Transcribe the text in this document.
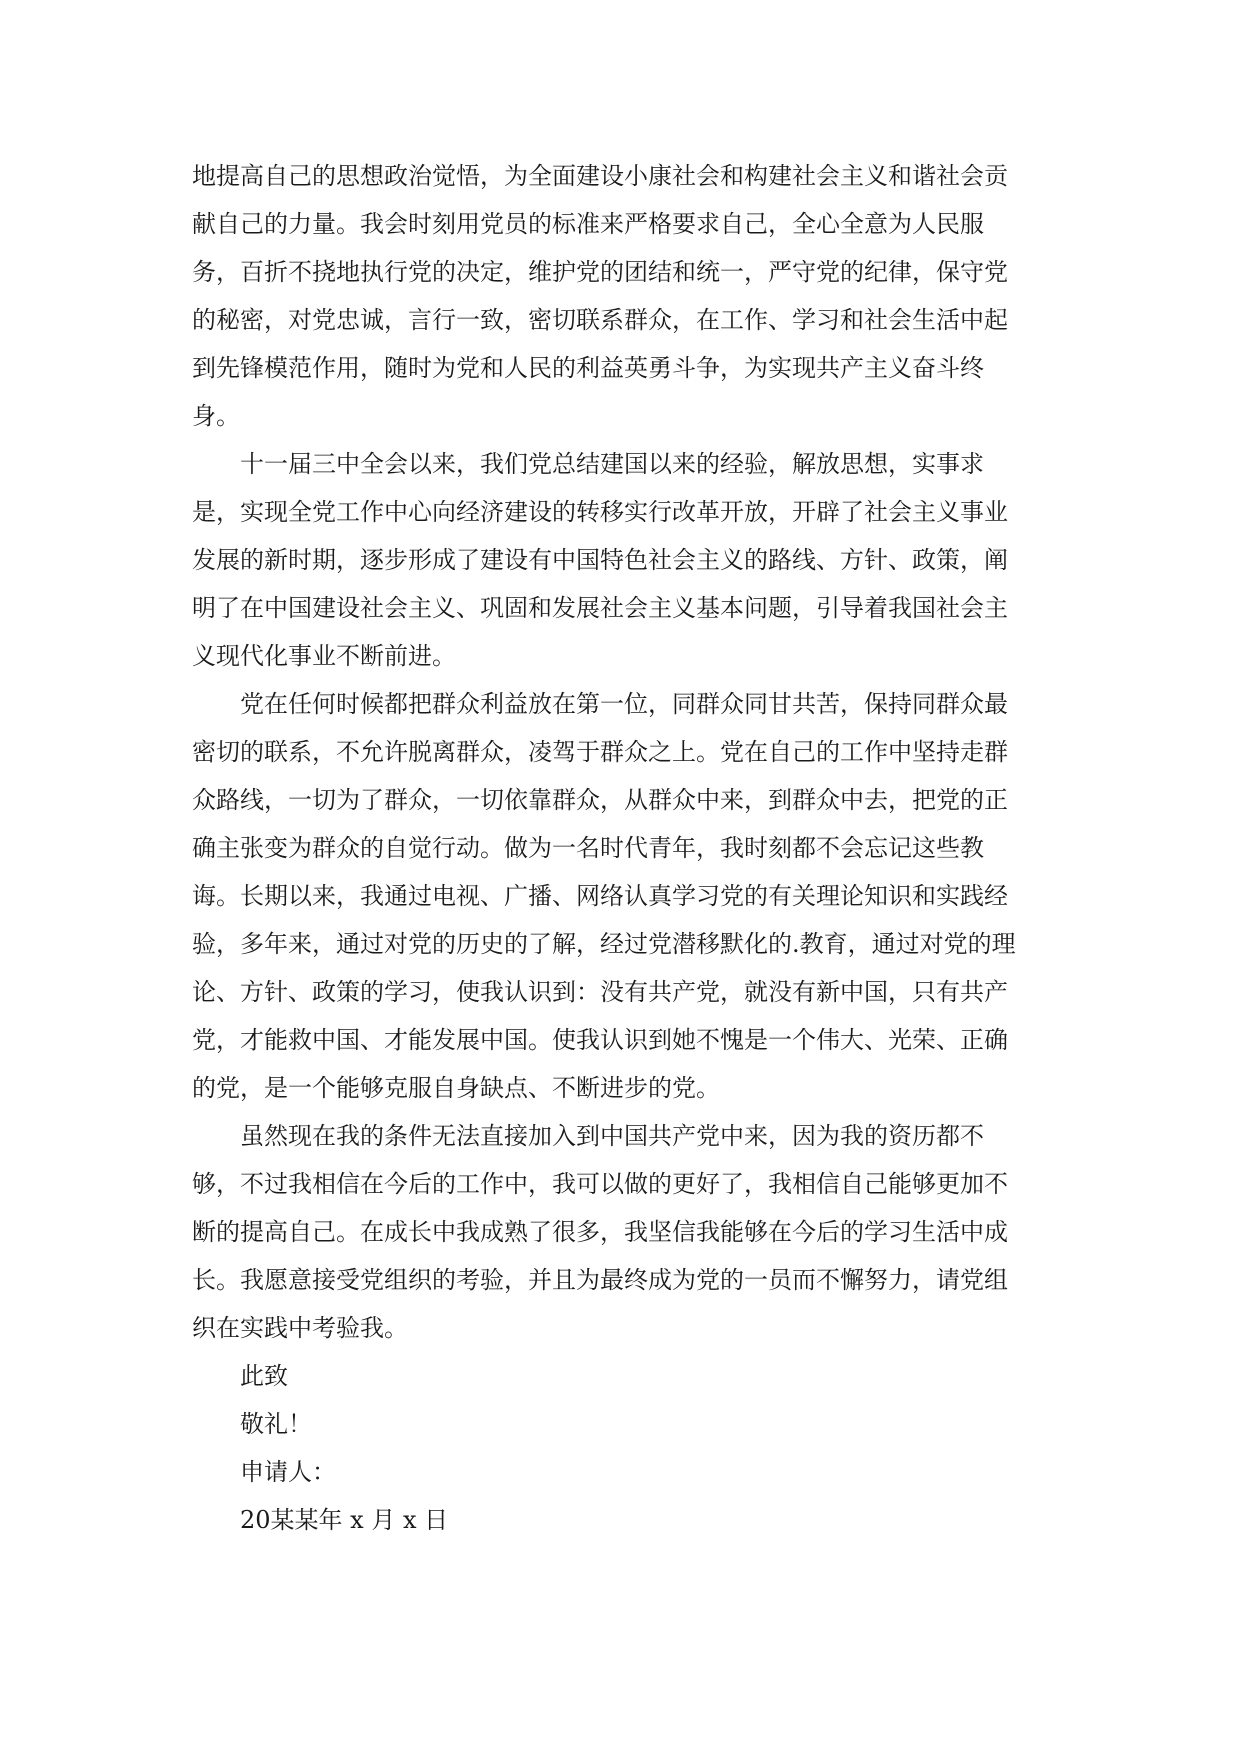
地提高自己的思想政治觉悟，为全面建设小康社会和构建社会主义和谐社会贡
献自己的力量。我会时刻用党员的标准来严格要求自己，全心全意为人民服
务，百折不挠地执行党的决定，维护党的团结和统一，严守党的纪律，保守党
的秘密，对党忠诚，言行一致，密切联系群众，在工作、学习和社会生活中起
到先锋模范作用，随时为党和人民的利益英勇斗争，为实现共产主义奋斗终
身。
十一届三中全会以来，我们党总结建国以来的经验，解放思想，实事求
是，实现全党工作中心向经济建设的转移实行改革开放，开辟了社会主义事业
发展的新时期，逐步形成了建设有中国特色社会主义的路线、方针、政策，阐
明了在中国建设社会主义、巩固和发展社会主义基本问题，引导着我国社会主
义现代化事业不断前进。
党在任何时候都把群众利益放在第一位，同群众同甘共苦，保持同群众最
密切的联系，不允许脱离群众，凌驾于群众之上。党在自己的工作中坚持走群
众路线，一切为了群众，一切依靠群众，从群众中来，到群众中去，把党的正
确主张变为群众的自觉行动。做为一名时代青年，我时刻都不会忘记这些教
诲。长期以来，我通过电视、广播、网络认真学习党的有关理论知识和实践经
验，多年来，通过对党的历史的了解，经过党潜移默化的.教育，通过对党的理
论、方针、政策的学习，使我认识到：没有共产党，就没有新中国，只有共产
党，才能救中国、才能发展中国。使我认识到她不愧是一个伟大、光荣、正确
的党，是一个能够克服自身缺点、不断进步的党。
虽然现在我的条件无法直接加入到中国共产党中来，因为我的资历都不
够，不过我相信在今后的工作中，我可以做的更好了，我相信自己能够更加不
断的提高自己。在成长中我成熟了很多，我坚信我能够在今后的学习生活中成
长。我愿意接受党组织的考验，并且为最终成为党的一员而不懈努力，请党组
织在实践中考验我。
此致
敬礼！
申请人：
20某某年 x 月 x 日
